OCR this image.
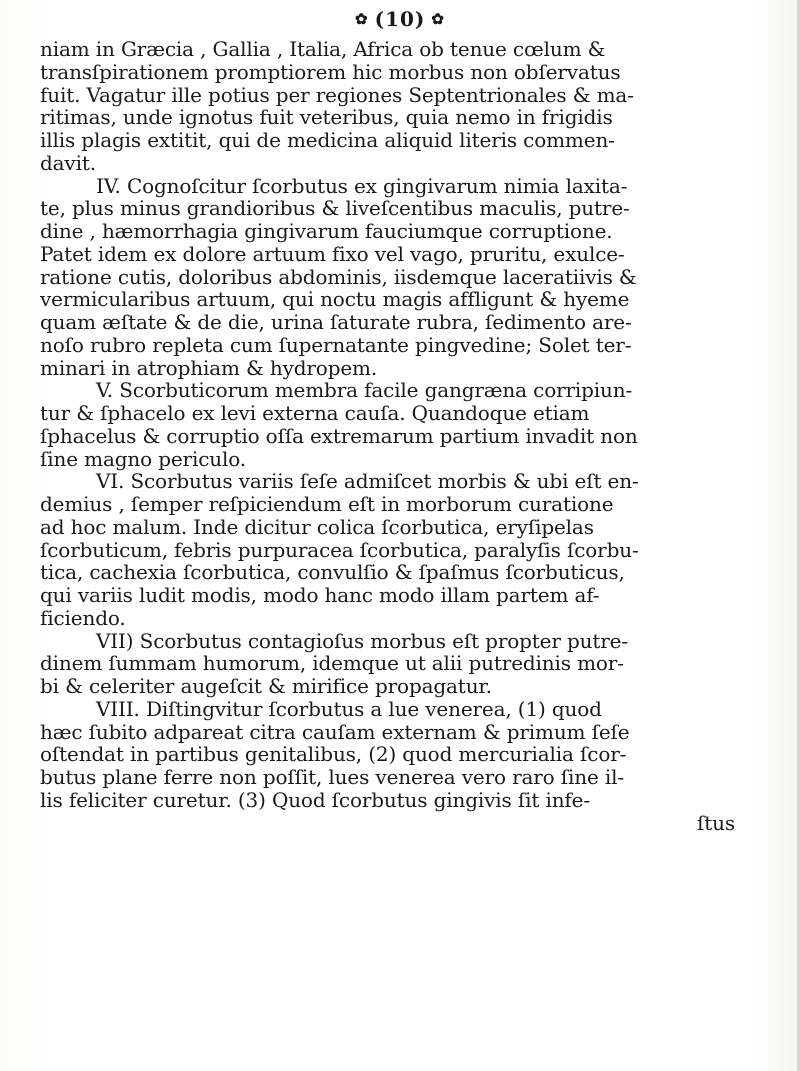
✿ (10) ✿
niam in Græcia , Gallia , Italia, Africa ob tenue cœlum &
transſpirationem promptiorem hic morbus non obſervatus
fuit. Vagatur ille potius per regiones Septentrionales & ma-
ritimas, unde ignotus fuit veteribus, quia nemo in frigidis
illis plagis extitit, qui de medicina aliquid literis commen-
davit.
IV. Cognoſcitur ſcorbutus ex gingivarum nimia laxita-
te, plus minus grandioribus & liveſcentibus maculis, putre-
dine , hæmorrhagia gingivarum fauciumque corruptione.
Patet idem ex dolore artuum fixo vel vago, pruritu, exulce-
ratione cutis, doloribus abdominis, iisdemque laceratiivis &
vermicularibus artuum, qui noctu magis affligunt & hyeme
quam æſtate & de die, urina ſaturate rubra, ſedimento are-
noſo rubro repleta cum ſupernatante pingvedine; Solet ter-
minari in atrophiam & hydropem.
V. Scorbuticorum membra facile gangræna corripiun-
tur & ſphacelo ex levi externa cauſa. Quandoque etiam
ſphacelus & corruptio oſſa extremarum partium invadit non
ſine magno periculo.
VI. Scorbutus variis ſeſe admiſcet morbis & ubi eſt en-
demius , ſemper reſpiciendum eſt in morborum curatione
ad hoc malum. Inde dicitur colica ſcorbutica, eryſipelas
ſcorbuticum, febris purpuracea ſcorbutica, paralyſis ſcorbu-
tica, cachexia ſcorbutica, convulſio & ſpaſmus ſcorbuticus,
qui variis ludit modis, modo hanc modo illam partem af-
ficiendo.
VII) Scorbutus contagioſus morbus eſt propter putre-
dinem ſummam humorum, idemque ut alii putredinis mor-
bi & celeriter augeſcit & mirifice propagatur.
VIII. Diſtingvitur ſcorbutus a lue venerea, (1) quod
hæc ſubito adpareat citra cauſam externam & primum ſeſe
oſtendat in partibus genitalibus, (2) quod mercurialia ſcor-
butus plane ferre non poſſit, lues venerea vero raro ſine il-
lis feliciter curetur. (3) Quod ſcorbutus gingivis ſit infe-
ſtus
